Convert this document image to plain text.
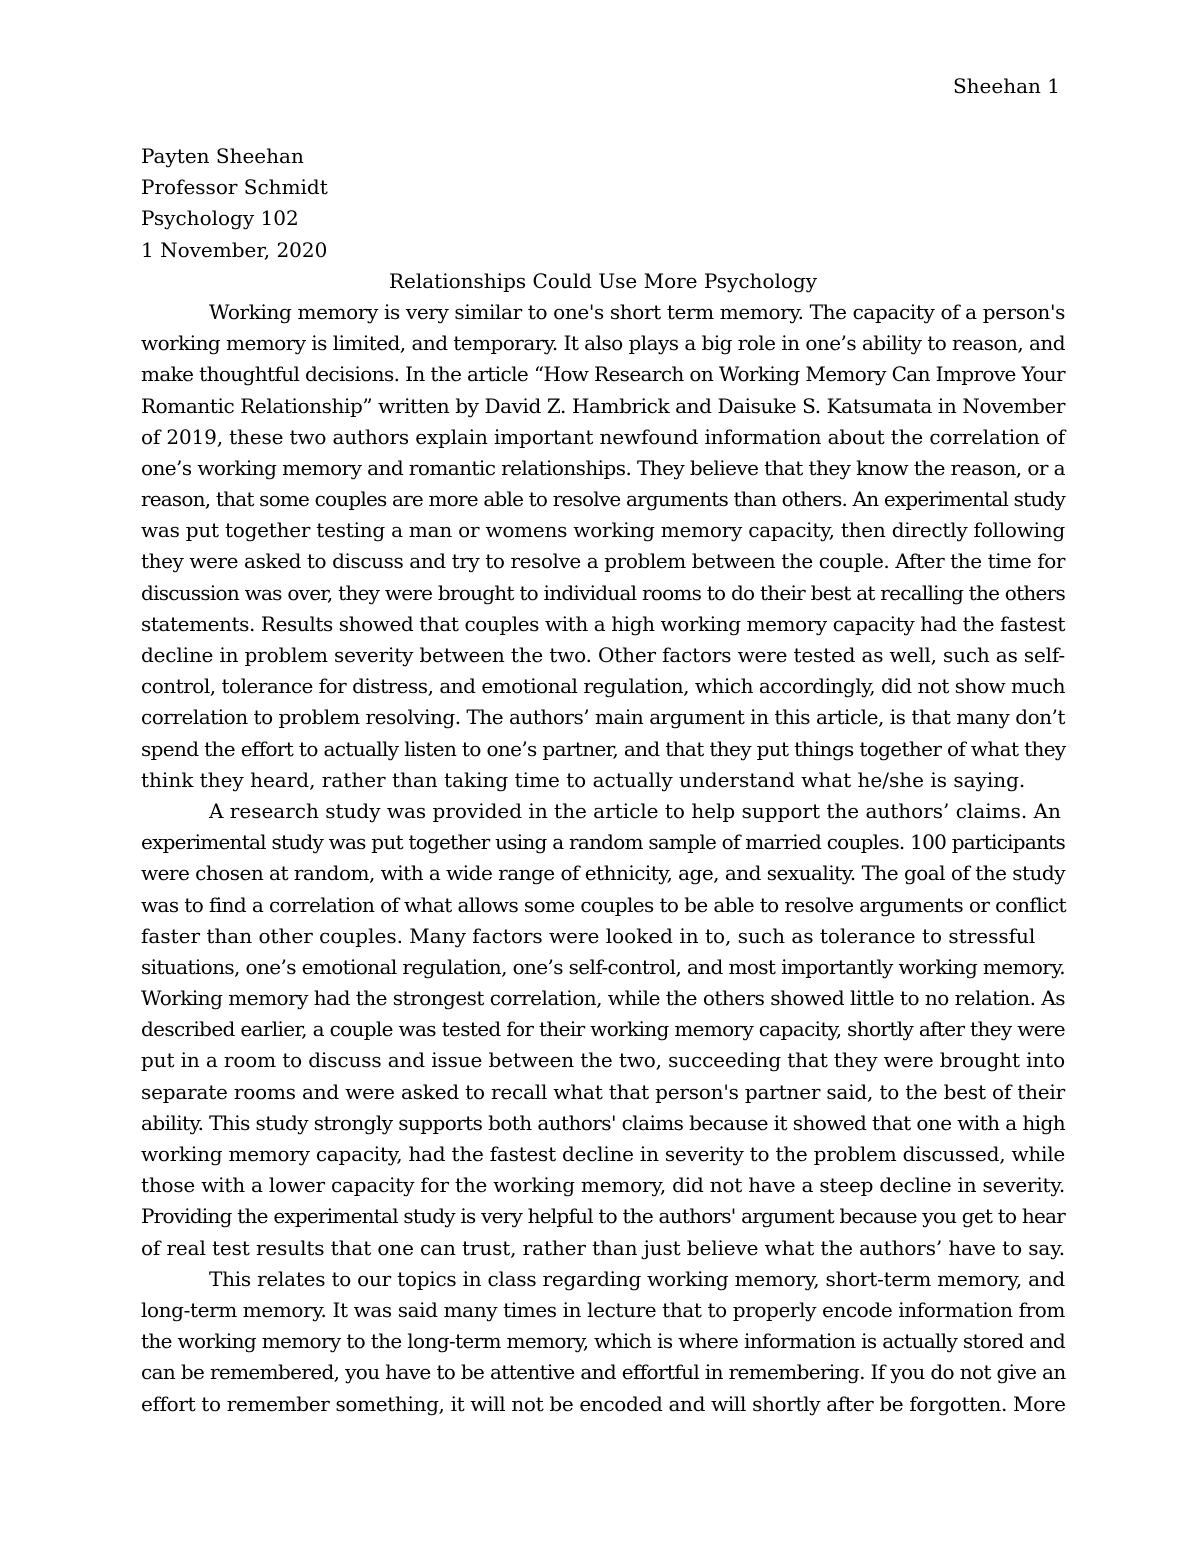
Sheehan 1
Payten Sheehan
Professor Schmidt
Psychology 102
1 November, 2020
Relationships Could Use More Psychology
Working memory is very similar to one's short term memory. The capacity of a person's
working memory is limited, and temporary. It also plays a big role in one’s ability to reason, and
make thoughtful decisions. In the article “How Research on Working Memory Can Improve Your
Romantic Relationship” written by David Z. Hambrick and Daisuke S. Katsumata in November
of 2019, these two authors explain important newfound information about the correlation of
one’s working memory and romantic relationships. They believe that they know the reason, or a
reason, that some couples are more able to resolve arguments than others. An experimental study
was put together testing a man or womens working memory capacity, then directly following
they were asked to discuss and try to resolve a problem between the couple. After the time for
discussion was over, they were brought to individual rooms to do their best at recalling the others
statements. Results showed that couples with a high working memory capacity had the fastest
decline in problem severity between the two. Other factors were tested as well, such as self-
control, tolerance for distress, and emotional regulation, which accordingly, did not show much
correlation to problem resolving. The authors’ main argument in this article, is that many don’t
spend the effort to actually listen to one’s partner, and that they put things together of what they
think they heard, rather than taking time to actually understand what he/she is saying.
A research study was provided in the article to help support the authors’ claims. An
experimental study was put together using a random sample of married couples. 100 participants
were chosen at random, with a wide range of ethnicity, age, and sexuality. The goal of the study
was to find a correlation of what allows some couples to be able to resolve arguments or conflict
faster than other couples. Many factors were looked in to, such as tolerance to stressful
situations, one’s emotional regulation, one’s self-control, and most importantly working memory.
Working memory had the strongest correlation, while the others showed little to no relation. As
described earlier, a couple was tested for their working memory capacity, shortly after they were
put in a room to discuss and issue between the two, succeeding that they were brought into
separate rooms and were asked to recall what that person's partner said, to the best of their
ability. This study strongly supports both authors' claims because it showed that one with a high
working memory capacity, had the fastest decline in severity to the problem discussed, while
those with a lower capacity for the working memory, did not have a steep decline in severity.
Providing the experimental study is very helpful to the authors' argument because you get to hear
of real test results that one can trust, rather than just believe what the authors’ have to say.
This relates to our topics in class regarding working memory, short-term memory, and
long-term memory. It was said many times in lecture that to properly encode information from
the working memory to the long-term memory, which is where information is actually stored and
can be remembered, you have to be attentive and effortful in remembering. If you do not give an
effort to remember something, it will not be encoded and will shortly after be forgotten. More
